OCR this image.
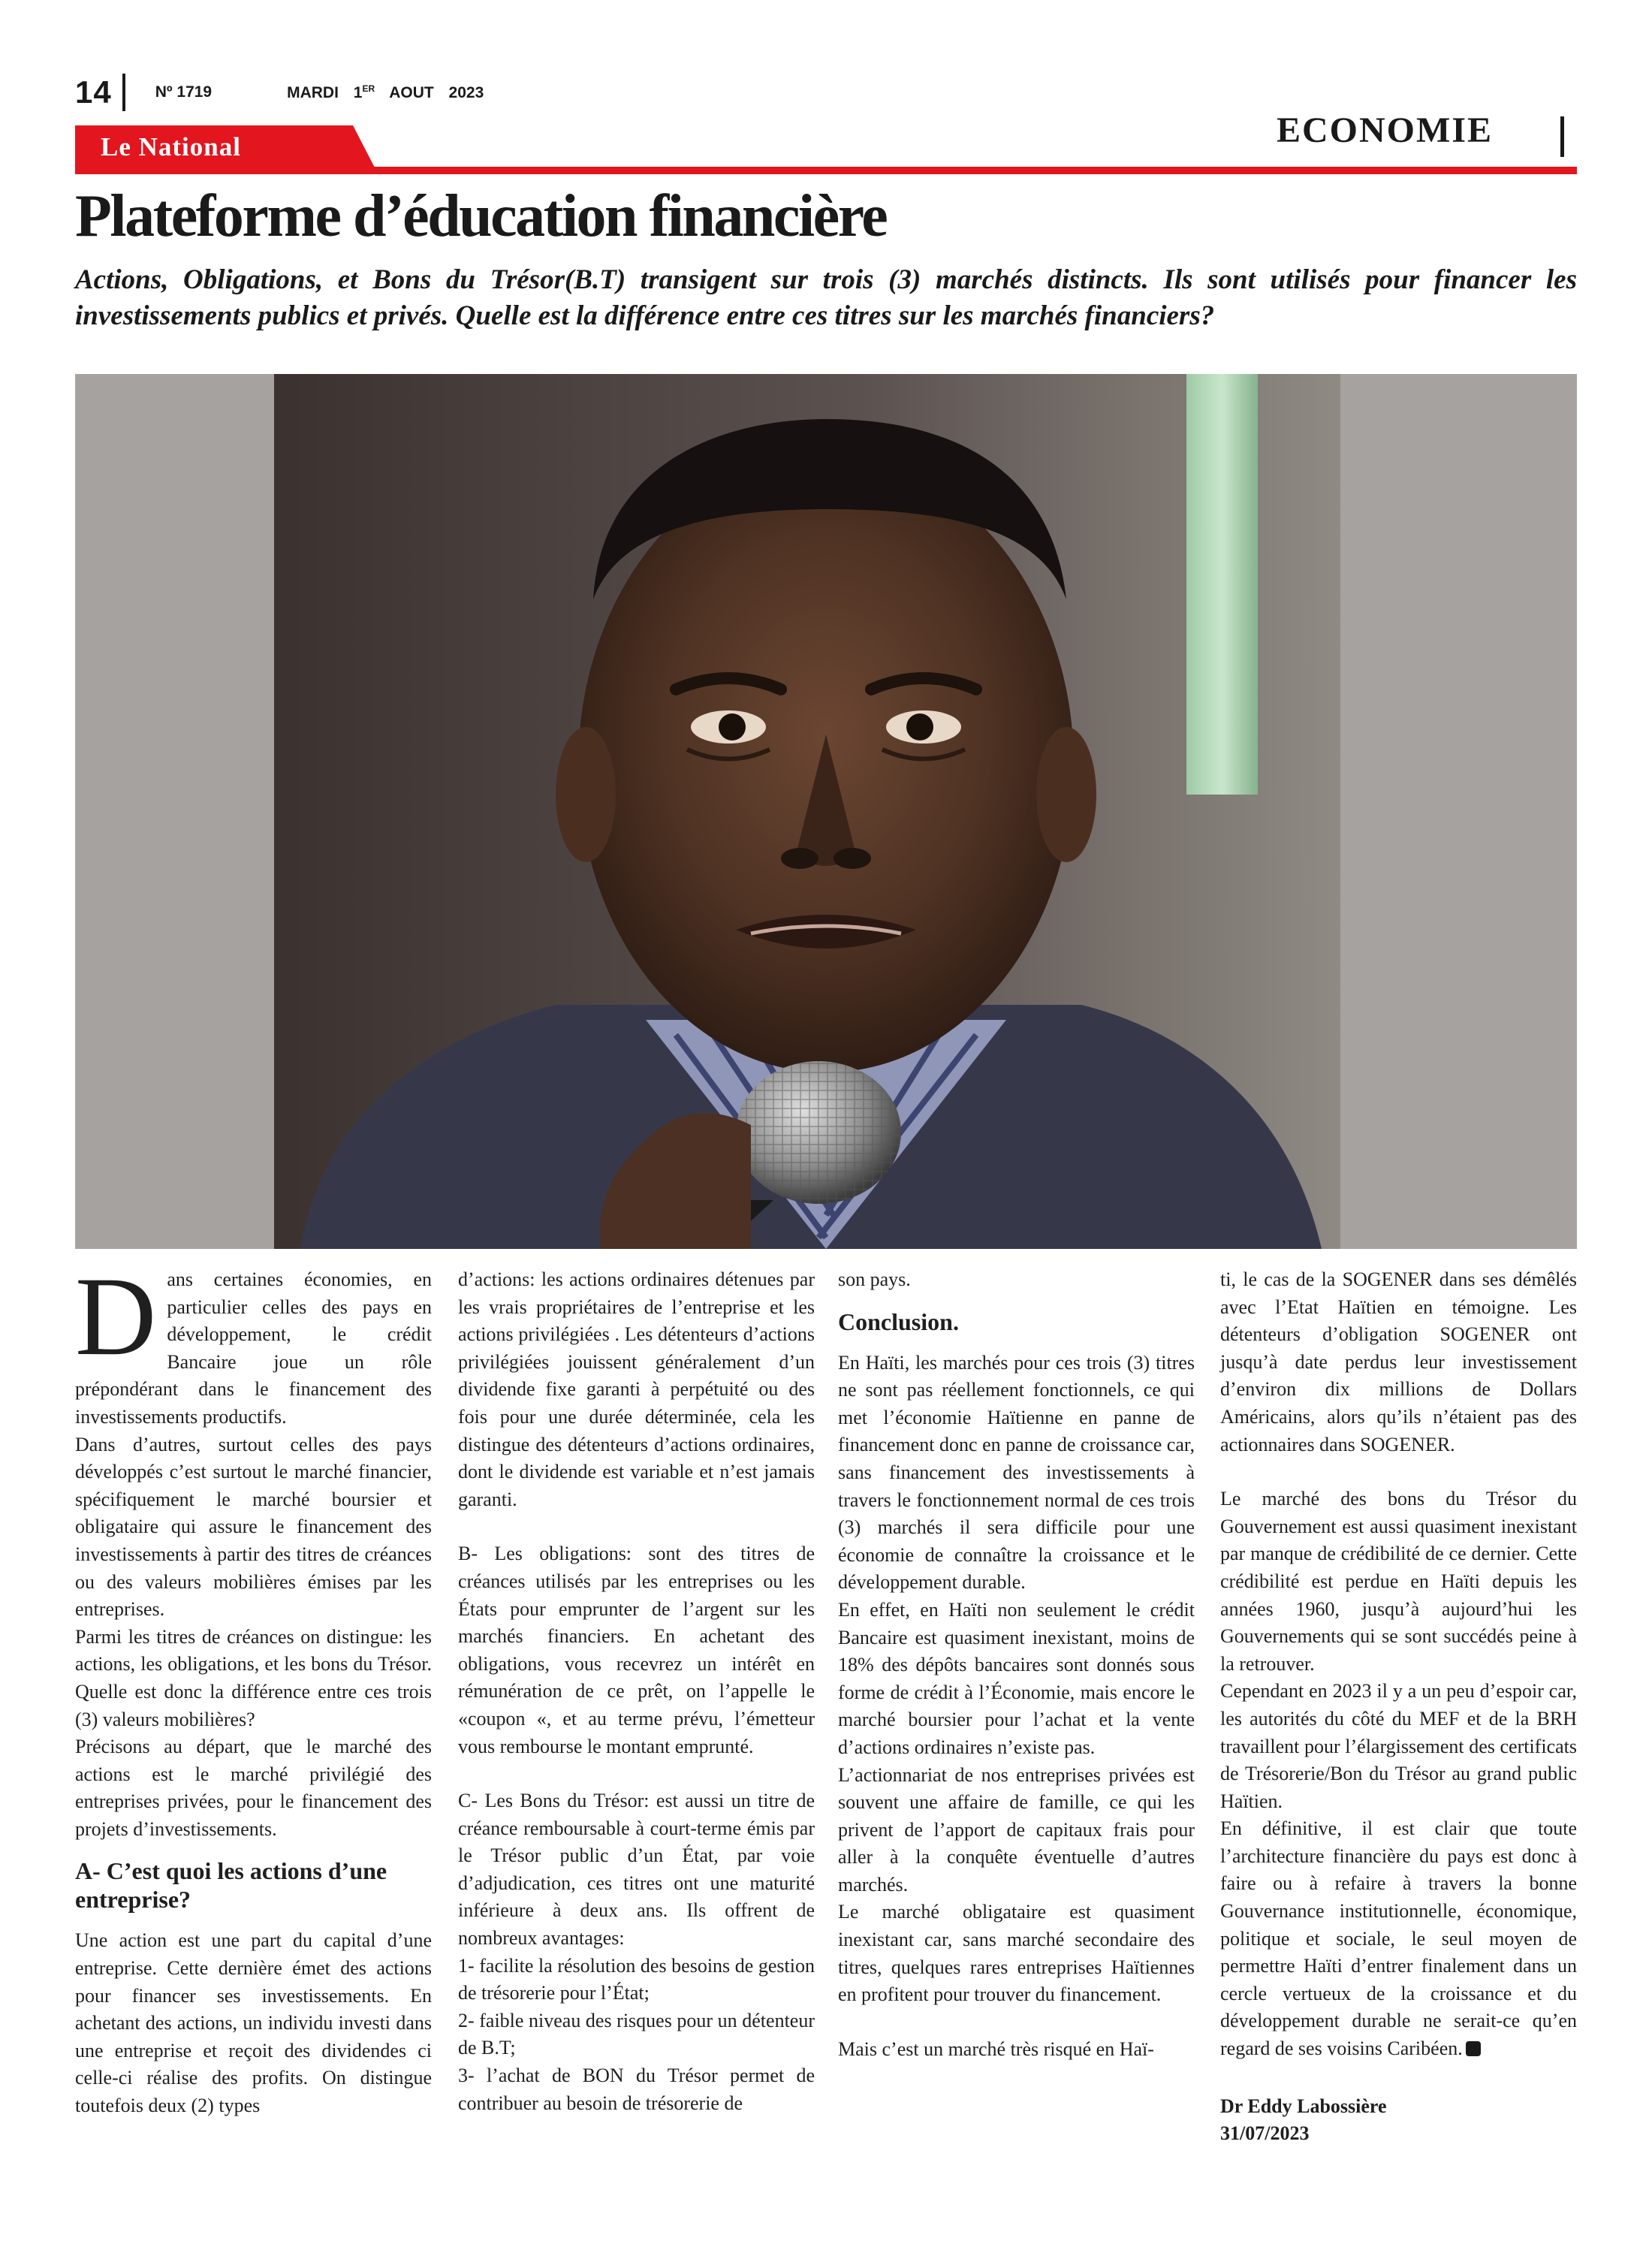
14	Nº 1719	MARDI 1ER AOUT 2023
ECONOMIE
Le National
Plateforme d’éducation financière

Actions, Obligations, et Bons du Trésor(B.T) transigent sur trois (3) marchés distincts. Ils sont utilisés pour financer les investissements publics et privés. Quelle est la différence entre ces titres sur les marchés financiers?

Dans certaines économies, en particulier celles des pays en développement, le crédit Bancaire joue un rôle prépondérant dans le financement des investissements productifs.

Dans d’autres, surtout celles des pays développés c’est surtout le marché financier, spécifiquement le marché boursier et obligataire qui assure le financement des investissements à partir des titres de créances ou des valeurs mobilières émises par les entreprises.

Parmi les titres de créances on distingue: les actions, les obligations, et les bons du Trésor. Quelle est donc la différence entre ces trois (3) valeurs mobilières?

Précisons au départ, que le marché des actions est le marché privilégié des entreprises privées, pour le financement des projets d’investissements.

A- C’est quoi les actions d’une entreprise?

Une action est une part du capital d’une entreprise. Cette dernière émet des actions pour financer ses investissements. En achetant des actions, un individu investi dans une entreprise et reçoit des dividendes ci celle-ci réalise des profits. On distingue toutefois deux (2) types

d’actions: les actions ordinaires détenues par les vrais propriétaires de l’entreprise et les actions privilégiées . Les détenteurs d’actions privilégiées jouissent généralement d’un dividende fixe garanti à perpétuité ou des fois pour une durée déterminée, cela les distingue des détenteurs d’actions ordinaires, dont le dividende est variable et n’est jamais garanti.

B- Les obligations: sont des titres de créances utilisés par les entreprises ou les États pour emprunter de l’argent sur les marchés financiers. En achetant des obligations, vous recevrez un intérêt en rémunération de ce prêt, on l’appelle le «coupon «, et au terme prévu, l’émetteur vous rembourse le montant emprunté.

C- Les Bons du Trésor: est aussi un titre de créance remboursable à court-terme émis par le Trésor public d’un État, par voie d’adjudication, ces titres ont une maturité inférieure à deux ans. Ils offrent de nombreux avantages:

1- facilite la résolution des besoins de gestion de trésorerie pour l’État;

2- faible niveau des risques pour un détenteur de B.T;

3- l’achat de BON du Trésor permet de contribuer au besoin de trésorerie de

son pays.

Conclusion.

En Haïti, les marchés pour ces trois (3) titres ne sont pas réellement fonctionnels, ce qui met l’économie Haïtienne en panne de financement donc en panne de croissance car, sans financement des investissements à travers le fonctionnement normal de ces trois (3) marchés il sera difficile pour une économie de connaître la croissance et le développement durable.

En effet, en Haïti non seulement le crédit Bancaire est quasiment inexistant, moins de 18% des dépôts bancaires sont donnés sous forme de crédit à l’Économie, mais encore le marché boursier pour l’achat et la vente d’actions ordinaires n’existe pas.

L’actionnariat de nos entreprises privées est souvent une affaire de famille, ce qui les privent de l’apport de capitaux frais pour aller à la conquête éventuelle d’autres marchés.

Le marché obligataire est quasiment inexistant car, sans marché secondaire des titres, quelques rares entreprises Haïtiennes en profitent pour trouver du financement.

Mais c’est un marché très risqué en Haï-

ti, le cas de la SOGENER dans ses démêlés avec l’Etat Haïtien en témoigne. Les détenteurs d’obligation SOGENER ont jusqu’à date perdus leur investissement d’environ dix millions de Dollars Américains, alors qu’ils n’étaient pas des actionnaires dans SOGENER.

Le marché des bons du Trésor du Gouvernement est aussi quasiment inexistant par manque de crédibilité de ce dernier. Cette crédibilité est perdue en Haïti depuis les années 1960, jusqu’à aujourd’hui les Gouvernements qui se sont succédés peine à la retrouver.

Cependant en 2023 il y a un peu d’espoir car, les autorités du côté du MEF et de la BRH travaillent pour l’élargissement des certificats de Trésorerie/Bon du Trésor au grand public Haïtien.

En définitive, il est clair que toute l’architecture financière du pays est donc à faire ou à refaire à travers la bonne Gouvernance institutionnelle, économique, politique et sociale, le seul moyen de permettre Haïti d’entrer finalement dans un cercle vertueux de la croissance et du développement durable ne serait-ce qu’en regard de ses voisins Caribéen.

Dr Eddy Labossière
31/07/2023
